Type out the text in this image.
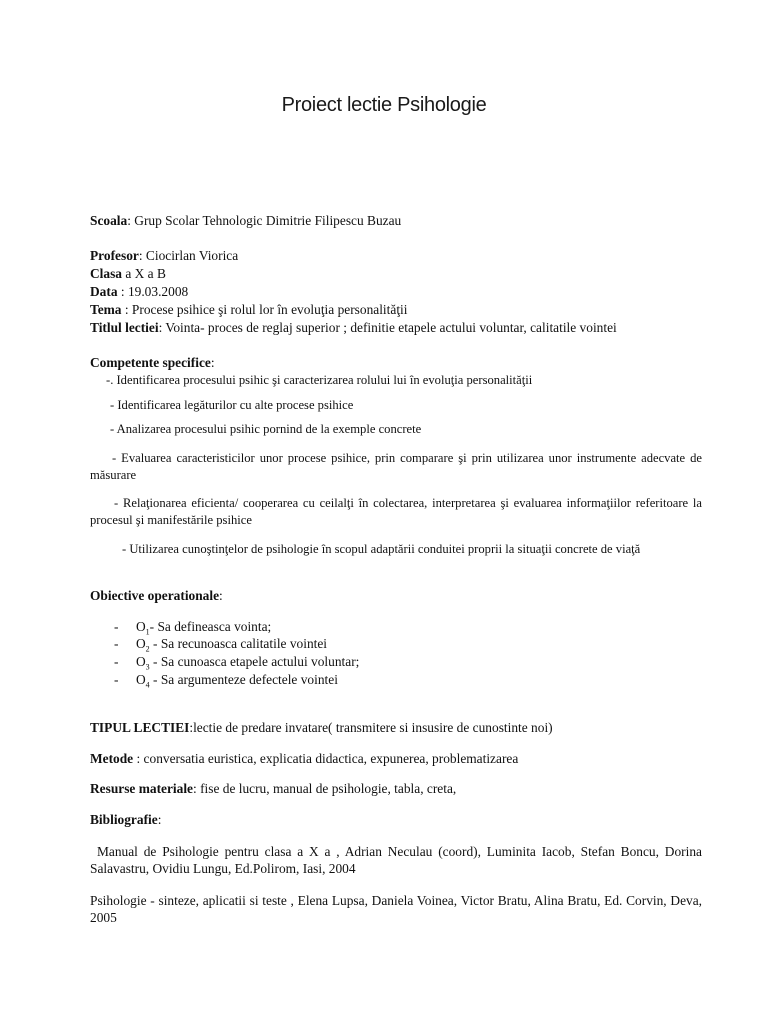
Proiect lectie Psihologie
Scoala: Grup Scolar Tehnologic Dimitrie Filipescu Buzau
Profesor: Ciocirlan Viorica
Clasa a X a B
Data : 19.03.2008
Tema : Procese psihice şi rolul lor în evoluţia personalităţii
Titlul lectiei: Vointa- proces de reglaj superior ; definitie etapele actului voluntar, calitatile vointei
Competente specifice:
-. Identificarea procesului psihic şi caracterizarea rolului lui în evoluţia personalităţii
- Identificarea legăturilor cu alte procese psihice
- Analizarea procesului psihic pornind de la exemple concrete
- Evaluarea caracteristicilor unor procese psihice, prin comparare şi prin utilizarea unor instrumente adecvate de măsurare
- Relaţionarea eficienta/ cooperarea cu ceilalţi în colectarea, interpretarea şi evaluarea informaţiilor referitoare la procesul şi manifestările psihice
- Utilizarea cunoştinţelor de psihologie în scopul adaptării conduitei proprii la situaţii concrete de viaţă
Obiective operationale:
- $O_1-$ Sa defineasca vointa;
- $O_2$ - Sa recunoasca calitatile vointei
- $O_3$ - Sa cunoasca etapele actului voluntar;
- $O_4$ - Sa argumenteze defectele vointei
TIPUL LECTIEI:lectie de predare invatare( transmitere si insusire de cunostinte noi)
Metode : conversatia euristica, explicatia didactica, expunerea, problematizarea
Resurse materiale: fise de lucru, manual de psihologie, tabla, creta,
Bibliografie:
Manual de Psihologie pentru clasa a X a , Adrian Neculau (coord), Luminita Iacob, Stefan Boncu, Dorina Salavastru, Ovidiu Lungu, Ed.Polirom, Iasi, 2004
Psihologie - sinteze, aplicatii si teste , Elena Lupsa, Daniela Voinea, Victor Bratu, Alina Bratu, Ed. Corvin, Deva, 2005
